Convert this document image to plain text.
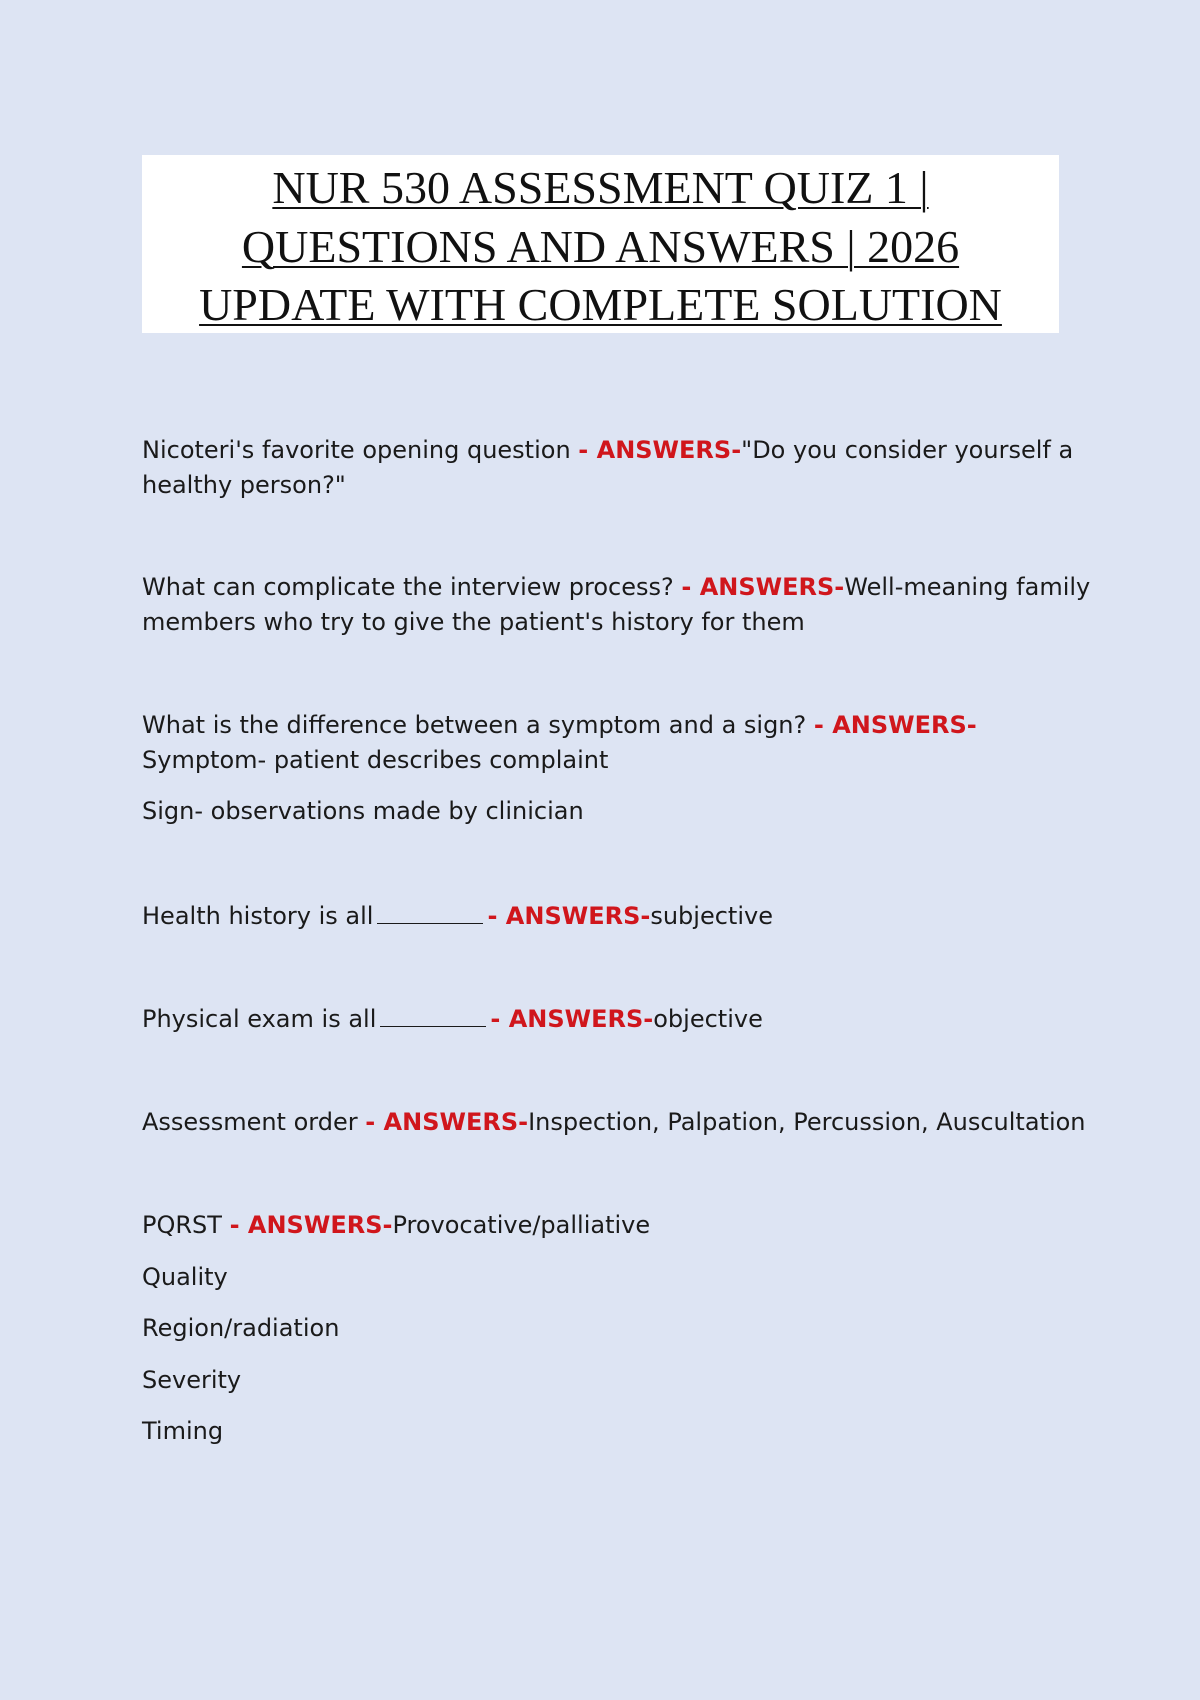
NUR 530 ASSESSMENT QUIZ 1 |
QUESTIONS AND ANSWERS | 2026
UPDATE WITH COMPLETE SOLUTION
Nicoteri's favorite opening question - ANSWERS-"Do you consider yourself a
healthy person?"
What can complicate the interview process? - ANSWERS-Well-meaning family
members who try to give the patient's history for them
What is the difference between a symptom and a sign? - ANSWERS-
Symptom- patient describes complaint
Sign- observations made by clinician
Health history is all	- ANSWERS-subjective
Physical exam is all	- ANSWERS-objective
Assessment order - ANSWERS-Inspection, Palpation, Percussion, Auscultation
PQRST - ANSWERS-Provocative/palliative
Quality
Region/radiation
Severity
Timing
